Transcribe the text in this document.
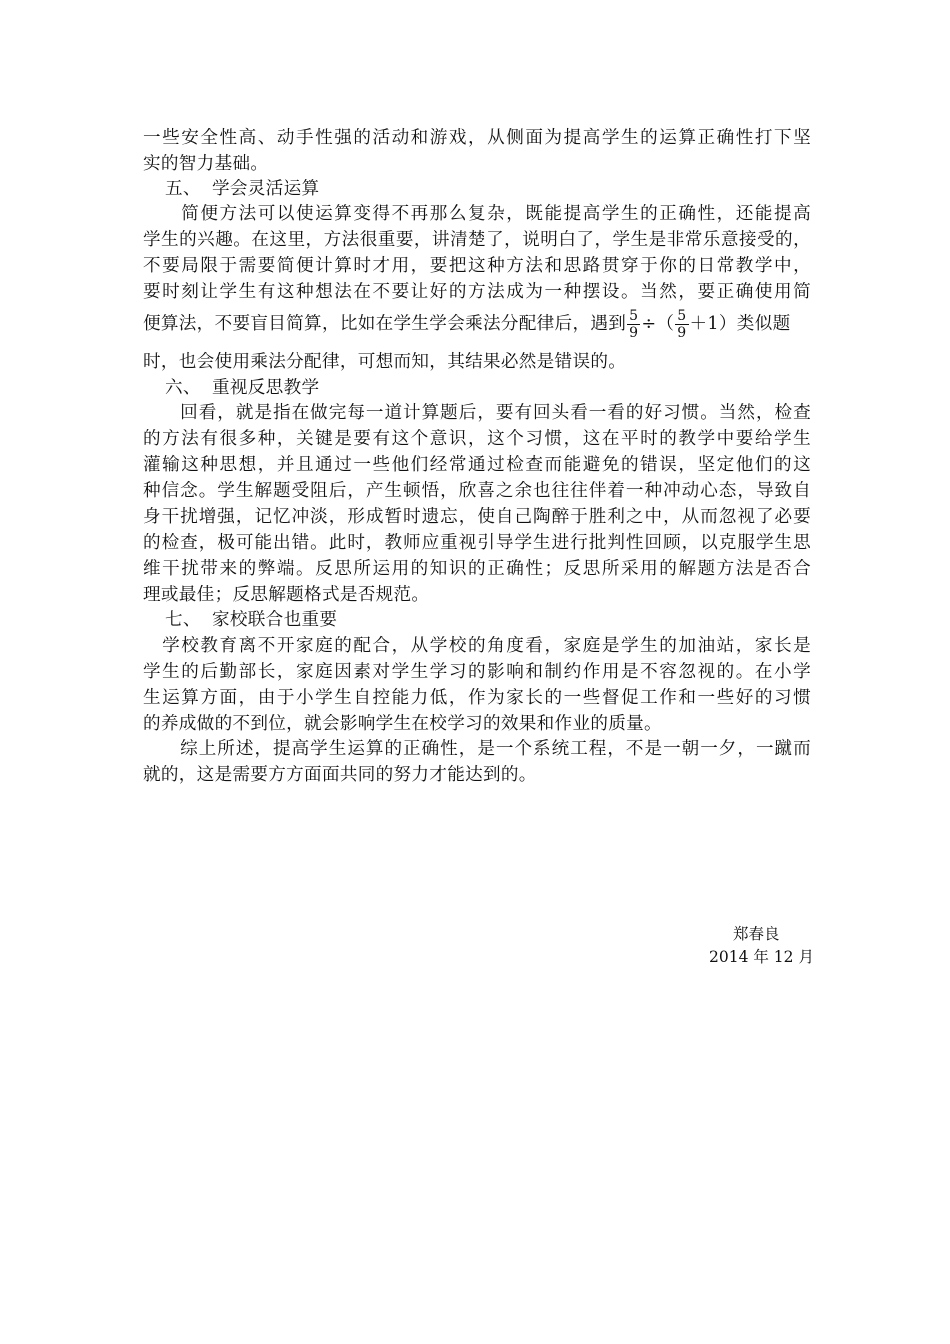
一些安全性高、动手性强的活动和游戏，从侧面为提高学生的运算正确性打下坚
实的智力基础。
五、 学会灵活运算
　　简便方法可以使运算变得不再那么复杂，既能提高学生的正确性，还能提高
学生的兴趣。在这里，方法很重要，讲清楚了，说明白了，学生是非常乐意接受的，
不要局限于需要简便计算时才用，要把这种方法和思路贯穿于你的日常教学中，
要时刻让学生有这种想法在不要让好的方法成为一种摆设。当然，要正确使用简
便算法，不要盲目简算，比如在学生学会乘法分配律后，遇到 $\frac{5}{9}$ ÷（ $\frac{5}{9} +1$）类似题
时，也会使用乘法分配律，可想而知，其结果必然是错误的。
六、 重视反思教学
　　回看，就是指在做完每一道计算题后，要有回头看一看的好习惯。当然，检查
的方法有很多种，关键是要有这个意识，这个习惯，这在平时的教学中要给学生
灌输这种思想，并且通过一些他们经常通过检查而能避免的错误，坚定他们的这
种信念。学生解题受阻后，产生顿悟，欣喜之余也往往伴着一种冲动心态，导致自
身干扰增强，记忆冲淡，形成暂时遗忘，使自己陶醉于胜利之中，从而忽视了必要
的检查，极可能出错。此时，教师应重视引导学生进行批判性回顾，以克服学生思
维干扰带来的弊端。反思所运用的知识的正确性；反思所采用的解题方法是否合
理或最佳；反思解题格式是否规范。
七、 家校联合也重要
　学校教育离不开家庭的配合，从学校的角度看，家庭是学生的加油站，家长是
学生的后勤部长，家庭因素对学生学习的影响和制约作用是不容忽视的。在小学
生运算方面，由于小学生自控能力低，作为家长的一些督促工作和一些好的习惯
的养成做的不到位，就会影响学生在校学习的效果和作业的质量。
　　综上所述，提高学生运算的正确性，是一个系统工程，不是一朝一夕，一蹴而
就的，这是需要方方面面共同的努力才能达到的。
郑春良
2014 年 12 月
